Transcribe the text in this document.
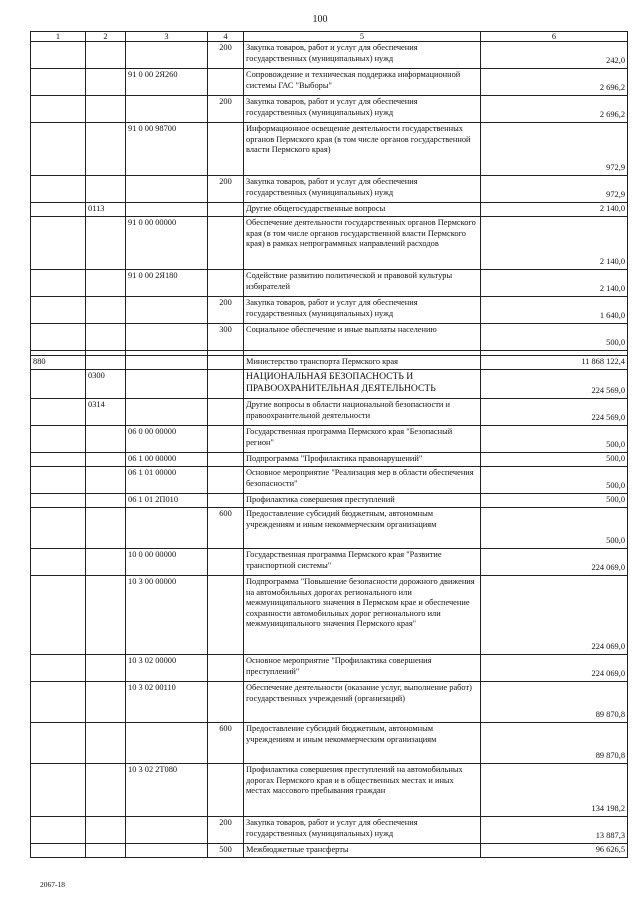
100
1	2	3	4	5	6
			200	Закупка товаров, работ и услуг для обеспечения государственных (муниципальных) нужд	242,0
		91 0 00 2Я260		Сопровождение и техническая поддержка информационной системы ГАС "Выборы"	2 696,2
			200	Закупка товаров, работ и услуг для обеспечения государственных (муниципальных) нужд	2 696,2
		91 0 00 98700		Информационное освещение деятельности государственных органов Пермского края (в том числе органов государственной власти Пермского края)	972,9
			200	Закупка товаров, работ и услуг для обеспечения государственных (муниципальных) нужд	972,9
	0113			Другие общегосударственные вопросы	2 140,0
		91 0 00 00000		Обеспечение деятельности государственных органов Пермского края (в том числе органов государственной власти Пермского края) в рамках непрограммных направлений расходов	2 140,0
		91 0 00 2Я180		Содействие развитию политической и правовой культуры избирателей	2 140,0
			200	Закупка товаров, работ и услуг для обеспечения государственных (муниципальных) нужд	1 640,0
			300	Социальное обеспечение и иные выплаты населению	500,0

880				Министерство транспорта Пермского края	11 868 122,4
	0300			НАЦИОНАЛЬНАЯ БЕЗОПАСНОСТЬ И ПРАВООХРАНИТЕЛЬНАЯ ДЕЯТЕЛЬНОСТЬ	224 569,0
	0314			Другие вопросы в области национальной безопасности и правоохранительной деятельности	224 569,0
		06 0 00 00000		Государственная программа Пермского края "Безопасный регион"	500,0
		06 1 00 00000		Подпрограмма "Профилактика правонарушений"	500,0
		06 1 01 00000		Основное мероприятие "Реализация мер в области обеспечения безопасности"	500,0
		06 1 01 2П010		Профилактика совершения преступлений	500,0
			600	Предоставление субсидий бюджетным, автономным учреждениям и иным некоммерческим организациям	500,0
		10 0 00 00000		Государственная программа Пермского края "Развитие транспортной системы"	224 069,0
		10 3 00 00000		Подпрограмма "Повышение безопасности дорожного движения на автомобильных дорогах регионального или межмуниципального значения в Пермском крае и обеспечение сохранности автомобильных дорог регионального или межмуниципального значения Пермского края"	224 069,0
		10 3 02 00000		Основное мероприятие "Профилактика совершения преступлений"	224 069,0
		10 3 02 00110		Обеспечение деятельности (оказание услуг, выполнение работ) государственных учреждений (организаций)	89 870,8
			600	Предоставление субсидий бюджетным, автономным учреждениям и иным некоммерческим организациям	89 870,8
		10 3 02 2Т080		Профилактика совершения преступлений на автомобильных дорогах Пермского края и в общественных местах и иных местах массового пребывания граждан	134 198,2
			200	Закупка товаров, работ и услуг для обеспечения государственных (муниципальных) нужд	13 887,3
			500	Межбюджетные трансферты	96 626,5
2067-18
